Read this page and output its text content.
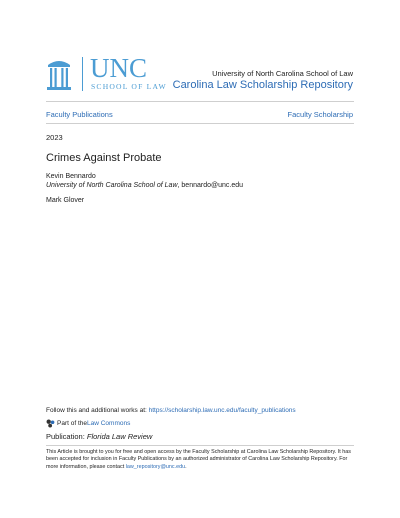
UNC
SCHOOL OF LAW
University of North Carolina School of Law
Carolina Law Scholarship Repository
Faculty Publications	Faculty Scholarship
2023
Crimes Against Probate
Kevin Bennardo
University of North Carolina School of Law, bennardo@unc.edu
Mark Glover
Follow this and additional works at: https://scholarship.law.unc.edu/faculty_publications
Part of the Law Commons
Publication: Florida Law Review
This Article is brought to you for free and open access by the Faculty Scholarship at Carolina Law Scholarship Repository. It has been accepted for inclusion in Faculty Publications by an authorized administrator of Carolina Law Scholarship Repository. For more information, please contact law_repository@unc.edu.
